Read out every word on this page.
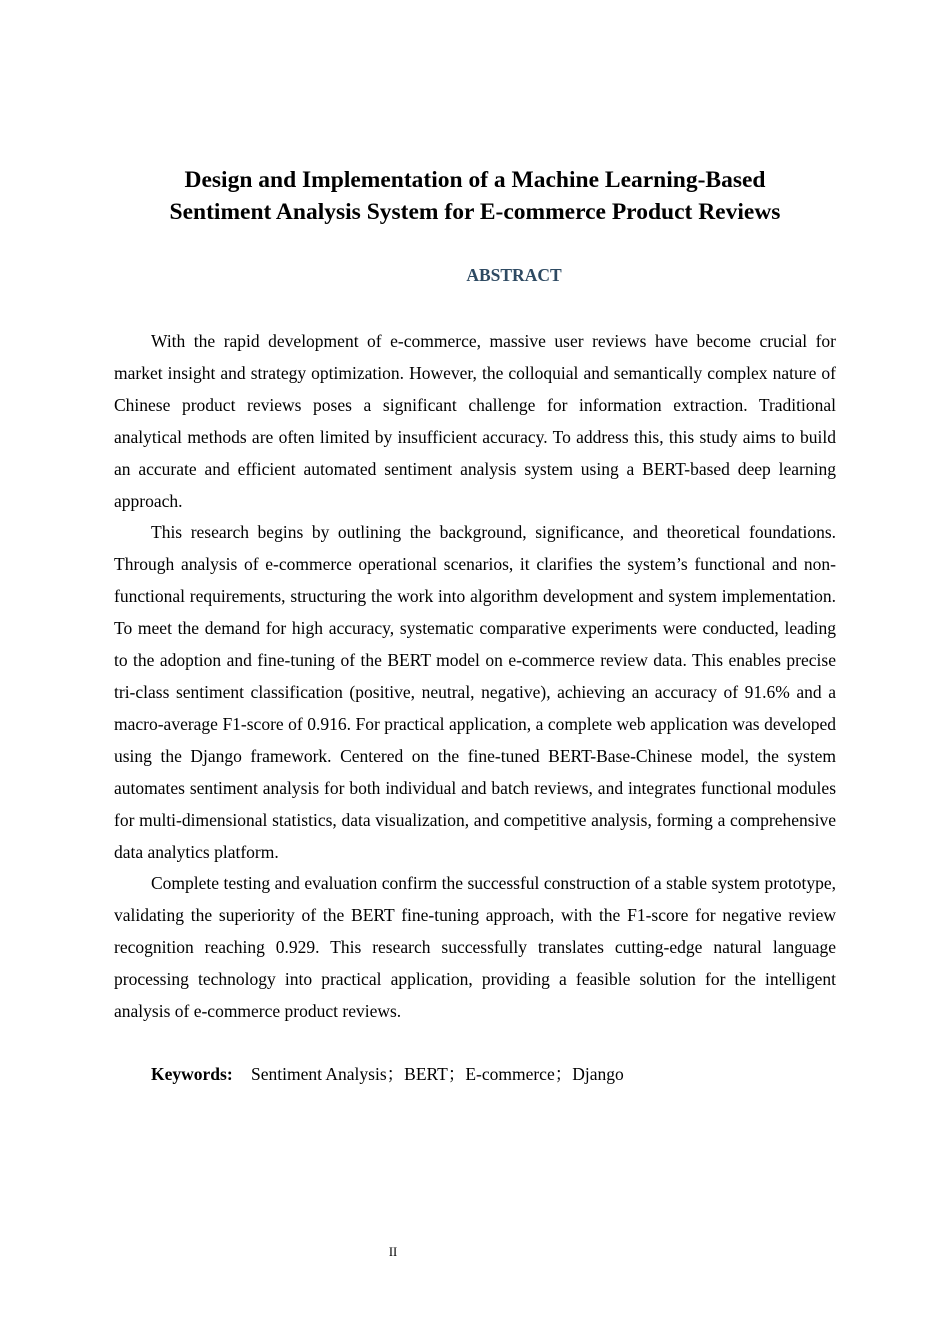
Design and Implementation of a Machine Learning-Based
Sentiment Analysis System for E-commerce Product Reviews
ABSTRACT

With the rapid development of e-commerce, massive user reviews have become crucial for market insight and strategy optimization. However, the colloquial and semantically complex nature of Chinese product reviews poses a significant challenge for information extraction. Traditional analytical methods are often limited by insufficient accuracy. To address this, this study aims to build an accurate and efficient automated sentiment analysis system using a BERT-based deep learning approach.

This research begins by outlining the background, significance, and theoretical foundations. Through analysis of e-commerce operational scenarios, it clarifies the system’s functional and non-functional requirements, structuring the work into algorithm development and system implementation. To meet the demand for high accuracy, systematic comparative experiments were conducted, leading to the adoption and fine-tuning of the BERT model on e-commerce review data. This enables precise tri-class sentiment classification (positive, neutral, negative), achieving an accuracy of 91.6% and a macro-average F1-score of 0.916. For practical application, a complete web application was developed using the Django framework. Centered on the fine-tuned BERT-Base-Chinese model, the system automates sentiment analysis for both individual and batch reviews, and integrates functional modules for multi-dimensional statistics, data visualization, and competitive analysis, forming a comprehensive data analytics platform.

Complete testing and evaluation confirm the successful construction of a stable system prototype, validating the superiority of the BERT fine-tuning approach, with the F1-score for negative review recognition reaching 0.929. This research successfully translates cutting-edge natural language processing technology into practical application, providing a feasible solution for the intelligent analysis of e-commerce product reviews.

Keywords: Sentiment Analysis；BERT；E-commerce；Django
II
